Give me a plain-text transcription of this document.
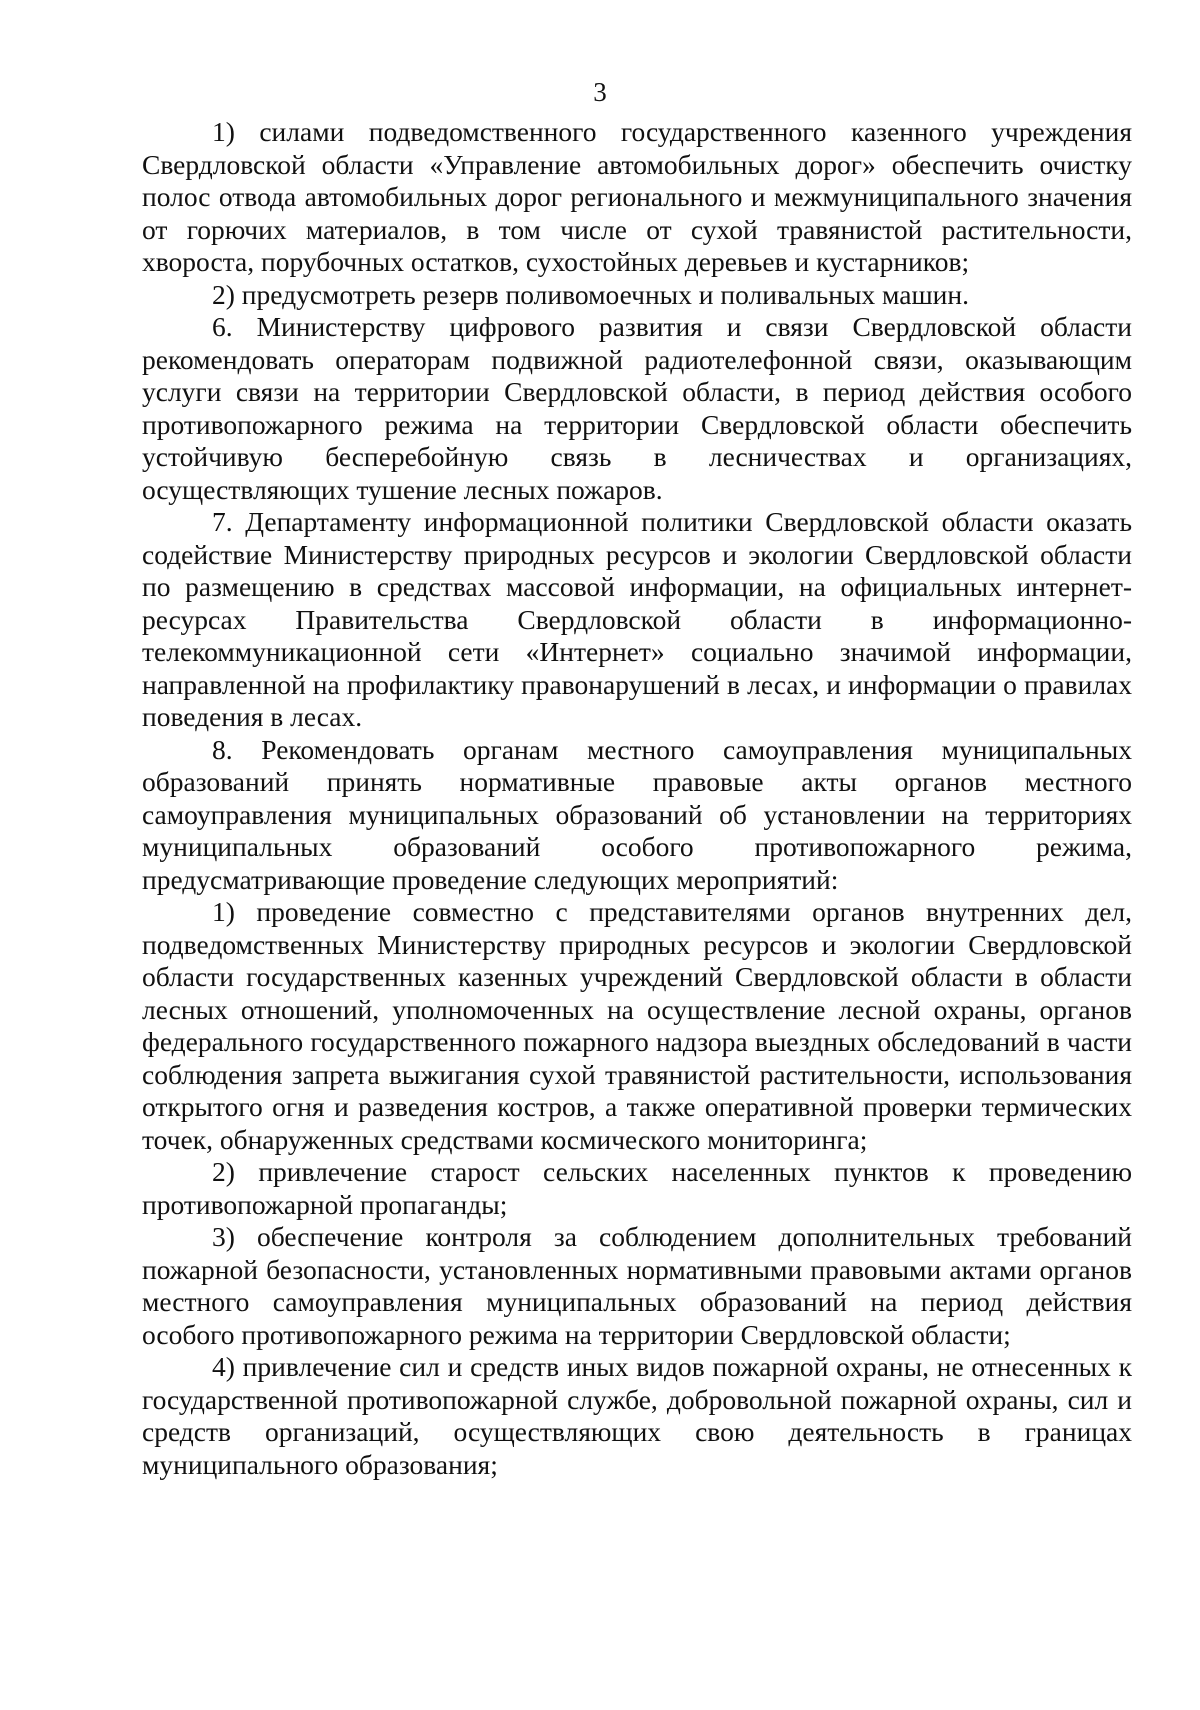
3

1) силами подведомственного государственного казенного учреждения Свердловской области «Управление автомобильных дорог» обеспечить очистку полос отвода автомобильных дорог регионального и межмуниципального значения от горючих материалов, в том числе от сухой травянистой растительности, хвороста, порубочных остатков, сухостойных деревьев и кустарников;

2) предусмотреть резерв поливомоечных и поливальных машин.

6. Министерству цифрового развития и связи Свердловской области рекомендовать операторам подвижной радиотелефонной связи, оказывающим услуги связи на территории Свердловской области, в период действия особого противопожарного режима на территории Свердловской области обеспечить устойчивую бесперебойную связь в лесничествах и организациях, осуществляющих тушение лесных пожаров.

7. Департаменту информационной политики Свердловской области оказать содействие Министерству природных ресурсов и экологии Свердловской области по размещению в средствах массовой информации, на официальных интернет-ресурсах Правительства Свердловской области в информационно-телекоммуникационной сети «Интернет» социально значимой информации, направленной на профилактику правонарушений в лесах, и информации о правилах поведения в лесах.

8. Рекомендовать органам местного самоуправления муниципальных образований принять нормативные правовые акты органов местного самоуправления муниципальных образований об установлении на территориях муниципальных образований особого противопожарного режима, предусматривающие проведение следующих мероприятий:

1) проведение совместно с представителями органов внутренних дел, подведомственных Министерству природных ресурсов и экологии Свердловской области государственных казенных учреждений Свердловской области в области лесных отношений, уполномоченных на осуществление лесной охраны, органов федерального государственного пожарного надзора выездных обследований в части соблюдения запрета выжигания сухой травянистой растительности, использования открытого огня и разведения костров, а также оперативной проверки термических точек, обнаруженных средствами космического мониторинга;

2) привлечение старост сельских населенных пунктов к проведению противопожарной пропаганды;

3) обеспечение контроля за соблюдением дополнительных требований пожарной безопасности, установленных нормативными правовыми актами органов местного самоуправления муниципальных образований на период действия особого противопожарного режима на территории Свердловской области;

4) привлечение сил и средств иных видов пожарной охраны, не отнесенных к государственной противопожарной службе, добровольной пожарной охраны, сил и средств организаций, осуществляющих свою деятельность в границах муниципального образования;
